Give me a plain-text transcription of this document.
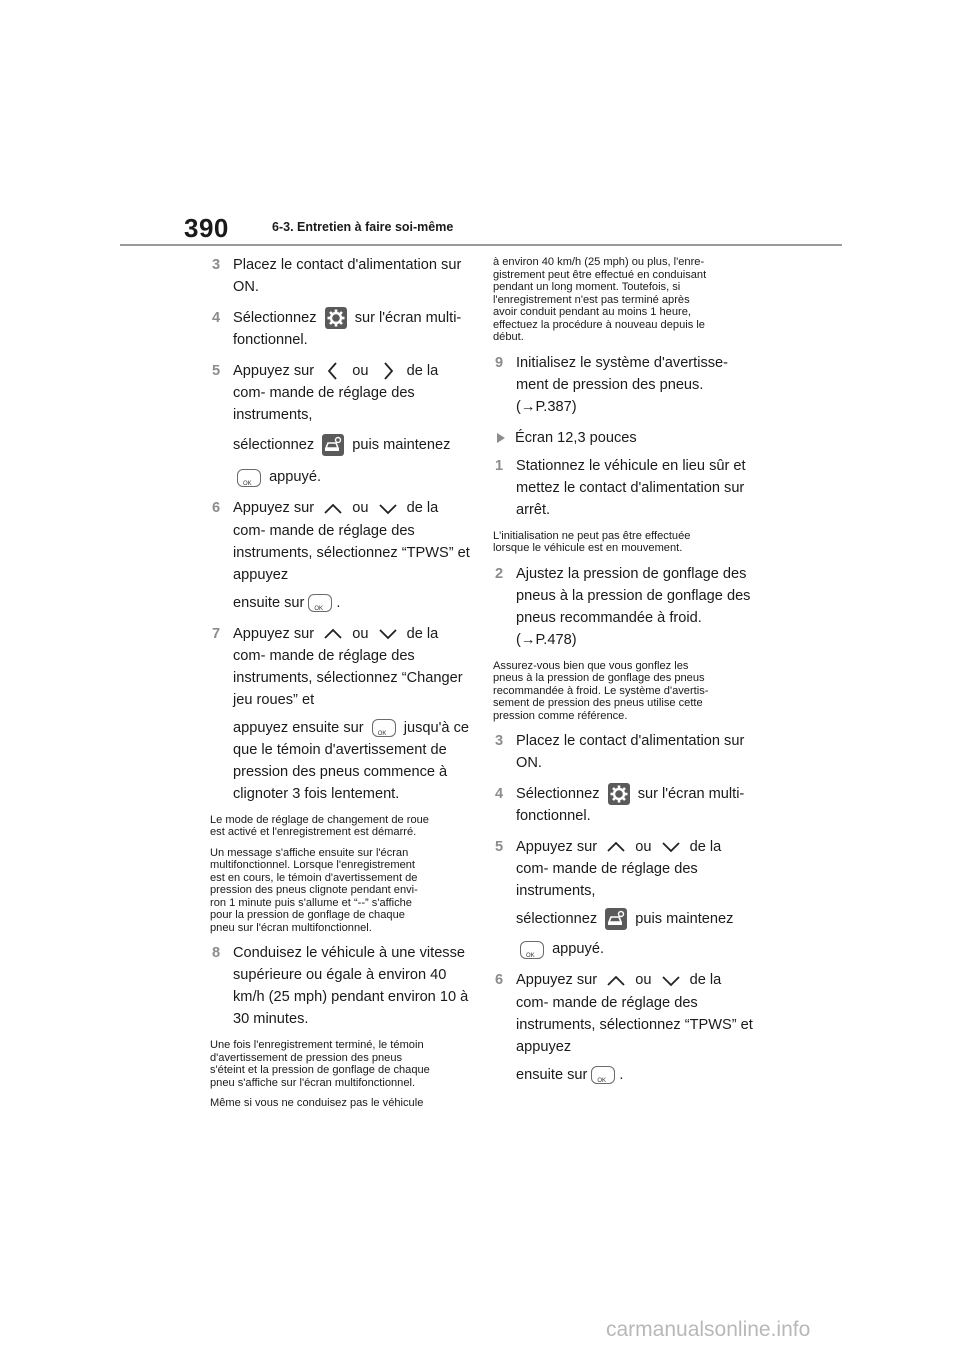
390	6-3. Entretien à faire soi-même
3 Placez le contact d'alimentation sur ON.
4 Sélectionnez	sur l'écran multi- fonctionnel.
5 Appuyez sur	ou	de la com- mande de réglage des instruments,
sélectionnez	puis maintenez
OK appuyé.
6 Appuyez sur	ou	de la com- mande de réglage des instruments, sélectionnez “TPWS” et appuyez
ensuite sur OK .
7 Appuyez sur	ou	de la com- mande de réglage des instruments, sélectionnez “Changer jeu roues” et
appuyez ensuite sur OK	jusqu'à ce
que le témoin d'avertissement de pression des pneus commence à clignoter 3 fois lentement.
Le mode de réglage de changement de roue
est activé et l'enregistrement est démarré.
Un message s'affiche ensuite sur l'écran
multifonctionnel. Lorsque l'enregistrement
est en cours, le témoin d'avertissement de
pression des pneus clignote pendant envi-
ron 1 minute puis s'allume et “--” s'affiche
pour la pression de gonflage de chaque
pneu sur l'écran multifonctionnel.
8 Conduisez le véhicule à une vitesse supérieure ou égale à environ 40 km/h (25 mph) pendant environ 10 à 30 minutes.
Une fois l'enregistrement terminé, le témoin
d'avertissement de pression des pneus
s'éteint et la pression de gonflage de chaque
pneu s'affiche sur l'écran multifonctionnel.
Même si vous ne conduisez pas le véhicule
à environ 40 km/h (25 mph) ou plus, l'enre-
gistrement peut être effectué en conduisant
pendant un long moment. Toutefois, si
l'enregistrement n'est pas terminé après
avoir conduit pendant au moins 1 heure,
effectuez la procédure à nouveau depuis le
début.
9 Initialisez le système d'avertisse- ment de pression des pneus. (→P.387)
Écran 12,3 pouces
1 Stationnez le véhicule en lieu sûr et mettez le contact d'alimentation sur arrêt.
L'initialisation ne peut pas être effectuée
lorsque le véhicule est en mouvement.
2 Ajustez la pression de gonflage des pneus à la pression de gonflage des pneus recommandée à froid. (→P.478)
Assurez-vous bien que vous gonflez les
pneus à la pression de gonflage des pneus
recommandée à froid. Le système d'avertis-
sement de pression des pneus utilise cette
pression comme référence.
3 Placez le contact d'alimentation sur ON.
4 Sélectionnez	sur l'écran multi- fonctionnel.
5 Appuyez sur	ou	de la com- mande de réglage des instruments,
sélectionnez	puis maintenez
OK appuyé.
6 Appuyez sur	ou	de la com- mande de réglage des instruments, sélectionnez “TPWS” et appuyez
ensuite sur OK .
carmanualsonline.info
